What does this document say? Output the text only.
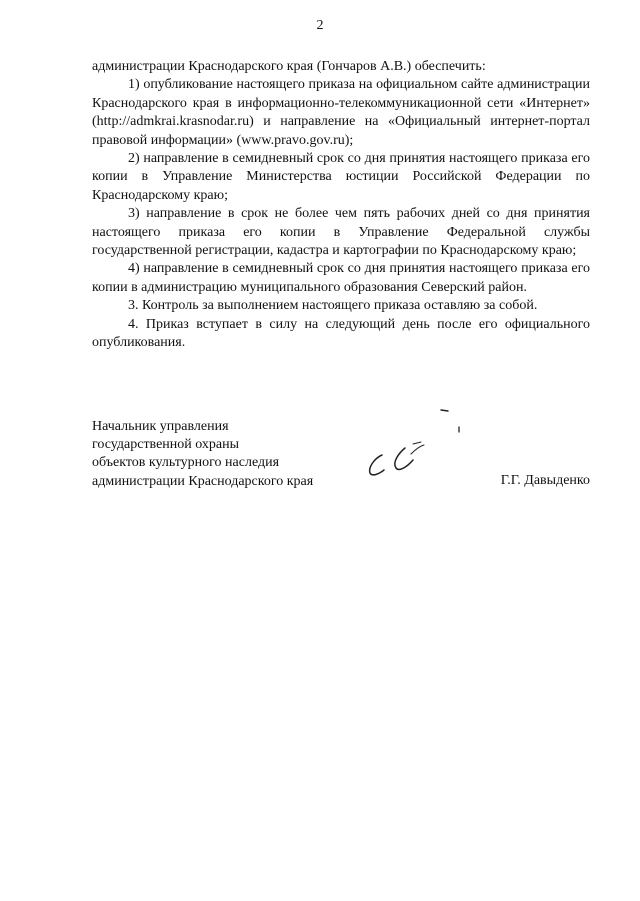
2

администрации Краснодарского края (Гончаров А.В.) обеспечить:

1) опубликование настоящего приказа на официальном сайте администрации Краснодарского края в информационно-телекоммуникационной сети «Интернет» (http://admkrai.krasnodar.ru) и направление на «Официальный интернет-портал правовой информации» (www.pravo.gov.ru);

2) направление в семидневный срок со дня принятия настоящего приказа его копии в Управление Министерства юстиции Российской Федерации по Краснодарскому краю;

3) направление в срок не более чем пять рабочих дней со дня принятия настоящего приказа его копии в Управление Федеральной службы государственной регистрации, кадастра и картографии по Краснодарскому краю;

4) направление в семидневный срок со дня принятия настоящего приказа его копии в администрацию муниципального образования Северский район.

3. Контроль за выполнением настоящего приказа оставляю за собой.

4. Приказ вступает в силу на следующий день после его официального опубликования.

Начальник управления
государственной охраны
объектов культурного наследия
администрации Краснодарского края	Г.Г. Давыденко
